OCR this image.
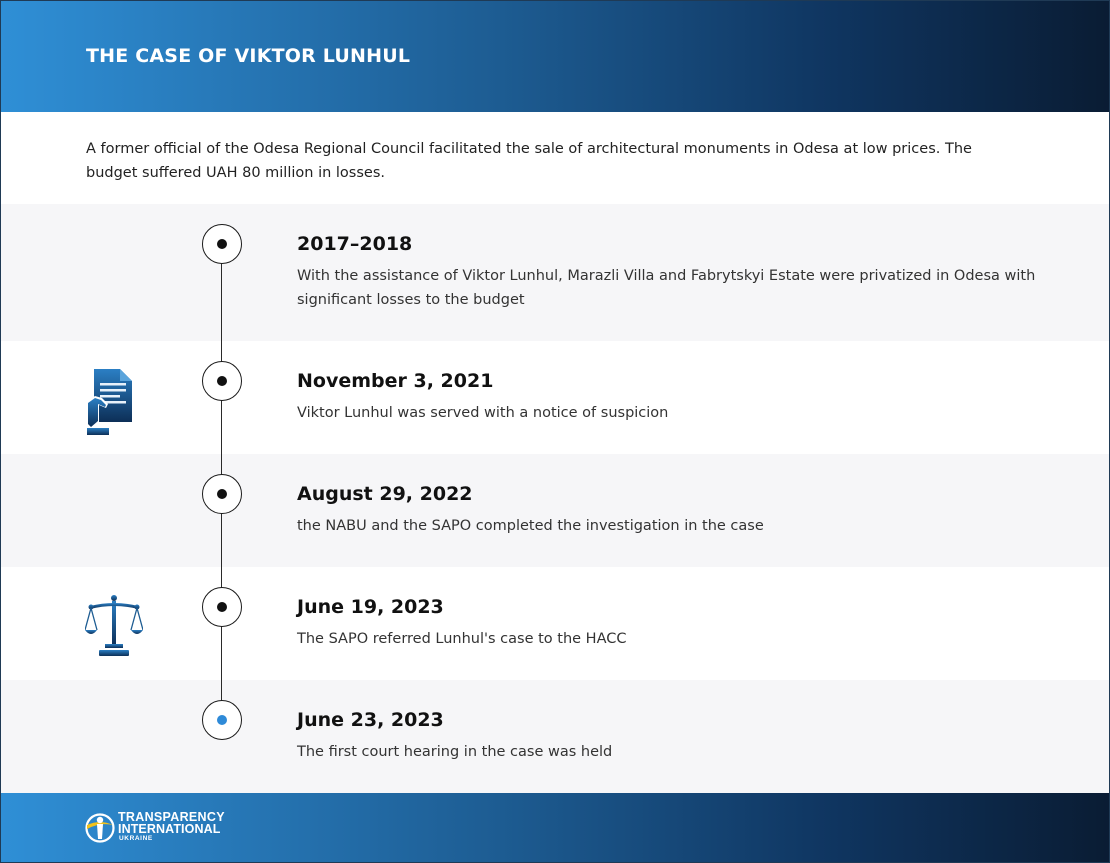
THE CASE OF VIKTOR LUNHUL

A former official of the Odesa Regional Council facilitated the sale of architectural monuments in Odesa at low prices. The budget suffered UAH 80 million in losses.

2017–2018
With the assistance of Viktor Lunhul, Marazli Villa and Fabrytskyi Estate were privatized in Odesa with significant losses to the budget
November 3, 2021
Viktor Lunhul was served with a notice of suspicion
August 29, 2022
the NABU and the SAPO completed the investigation in the case
June 19, 2023
The SAPO referred Lunhul's case to the HACC
June 23, 2023
The first court hearing in the case was held
TRANSPARENCY
INTERNATIONAL
UKRAINE
